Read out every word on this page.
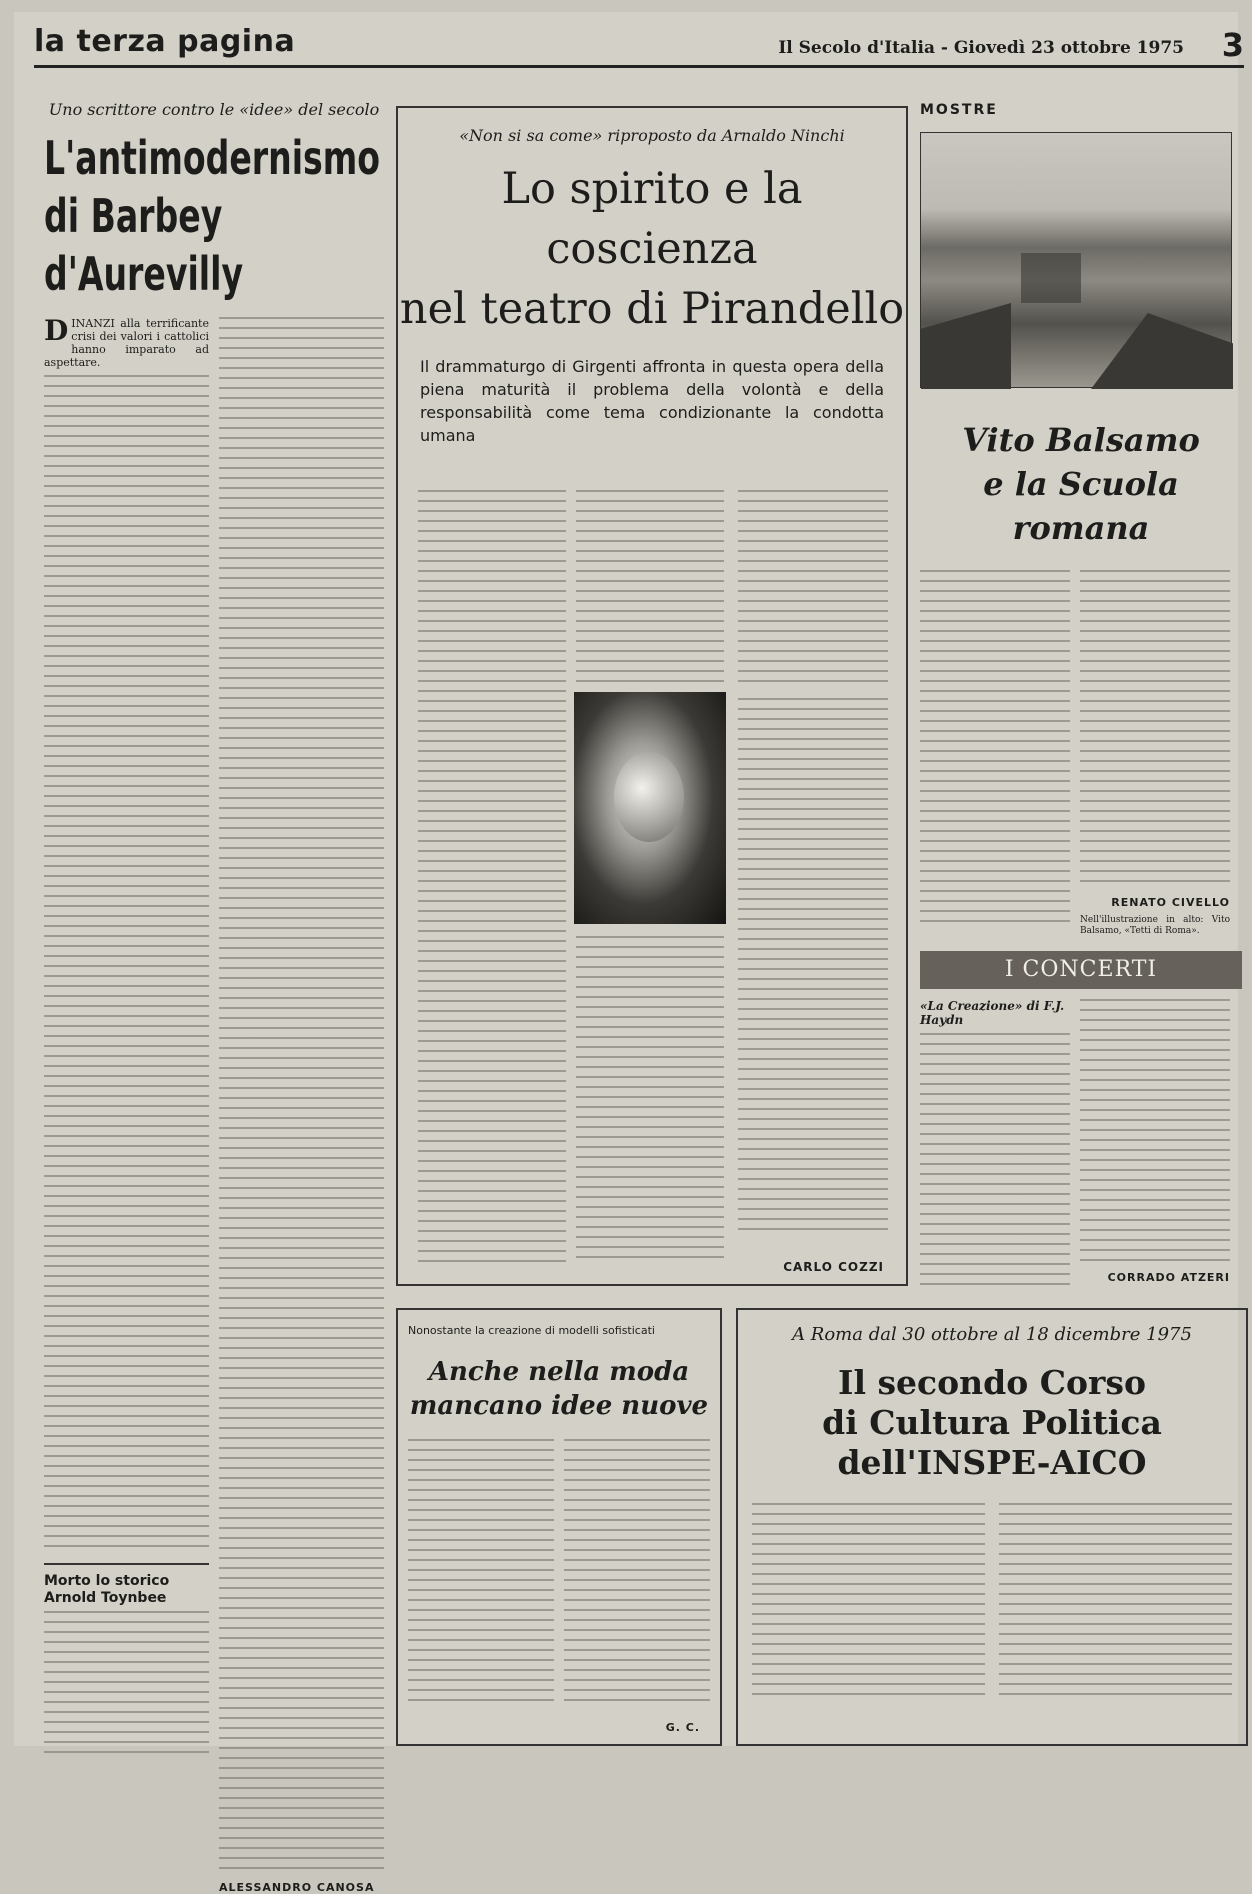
la terza pagina	Il Secolo d'Italia - Giovedì 23 ottobre 1975 3
Uno scrittore contro le «idee» del secolo
L'antimodernismo
di Barbey d'Aurevilly
D INANZI alla terrificante crisi dei valori i cattolici hanno imparato ad aspettare.
Morto lo storico Arnold Toynbee
ALESSANDRO CANOSA
«Non si sa come» riproposto da Arnaldo Ninchi
Lo spirito e la coscienza
nel teatro di Pirandello
Il drammaturgo di Girgenti affronta in questa opera della piena maturità il problema della volontà e della responsabilità come tema condizionante la condotta umana
CARLO COZZI
MOSTRE
Vito Balsamo
e la Scuola romana
RENATO CIVELLO
Nell'illustrazione in alto: Vito Balsamo, «Tetti di Roma».
I CONCERTI
«La Creazione» di F.J. Haydn
CORRADO ATZERI
Nonostante la creazione di modelli sofisticati
Anche nella moda
mancano idee nuove
G. C.
A Roma dal 30 ottobre al 18 dicembre 1975
Il secondo Corso
di Cultura Politica
dell'INSPE-AICO
